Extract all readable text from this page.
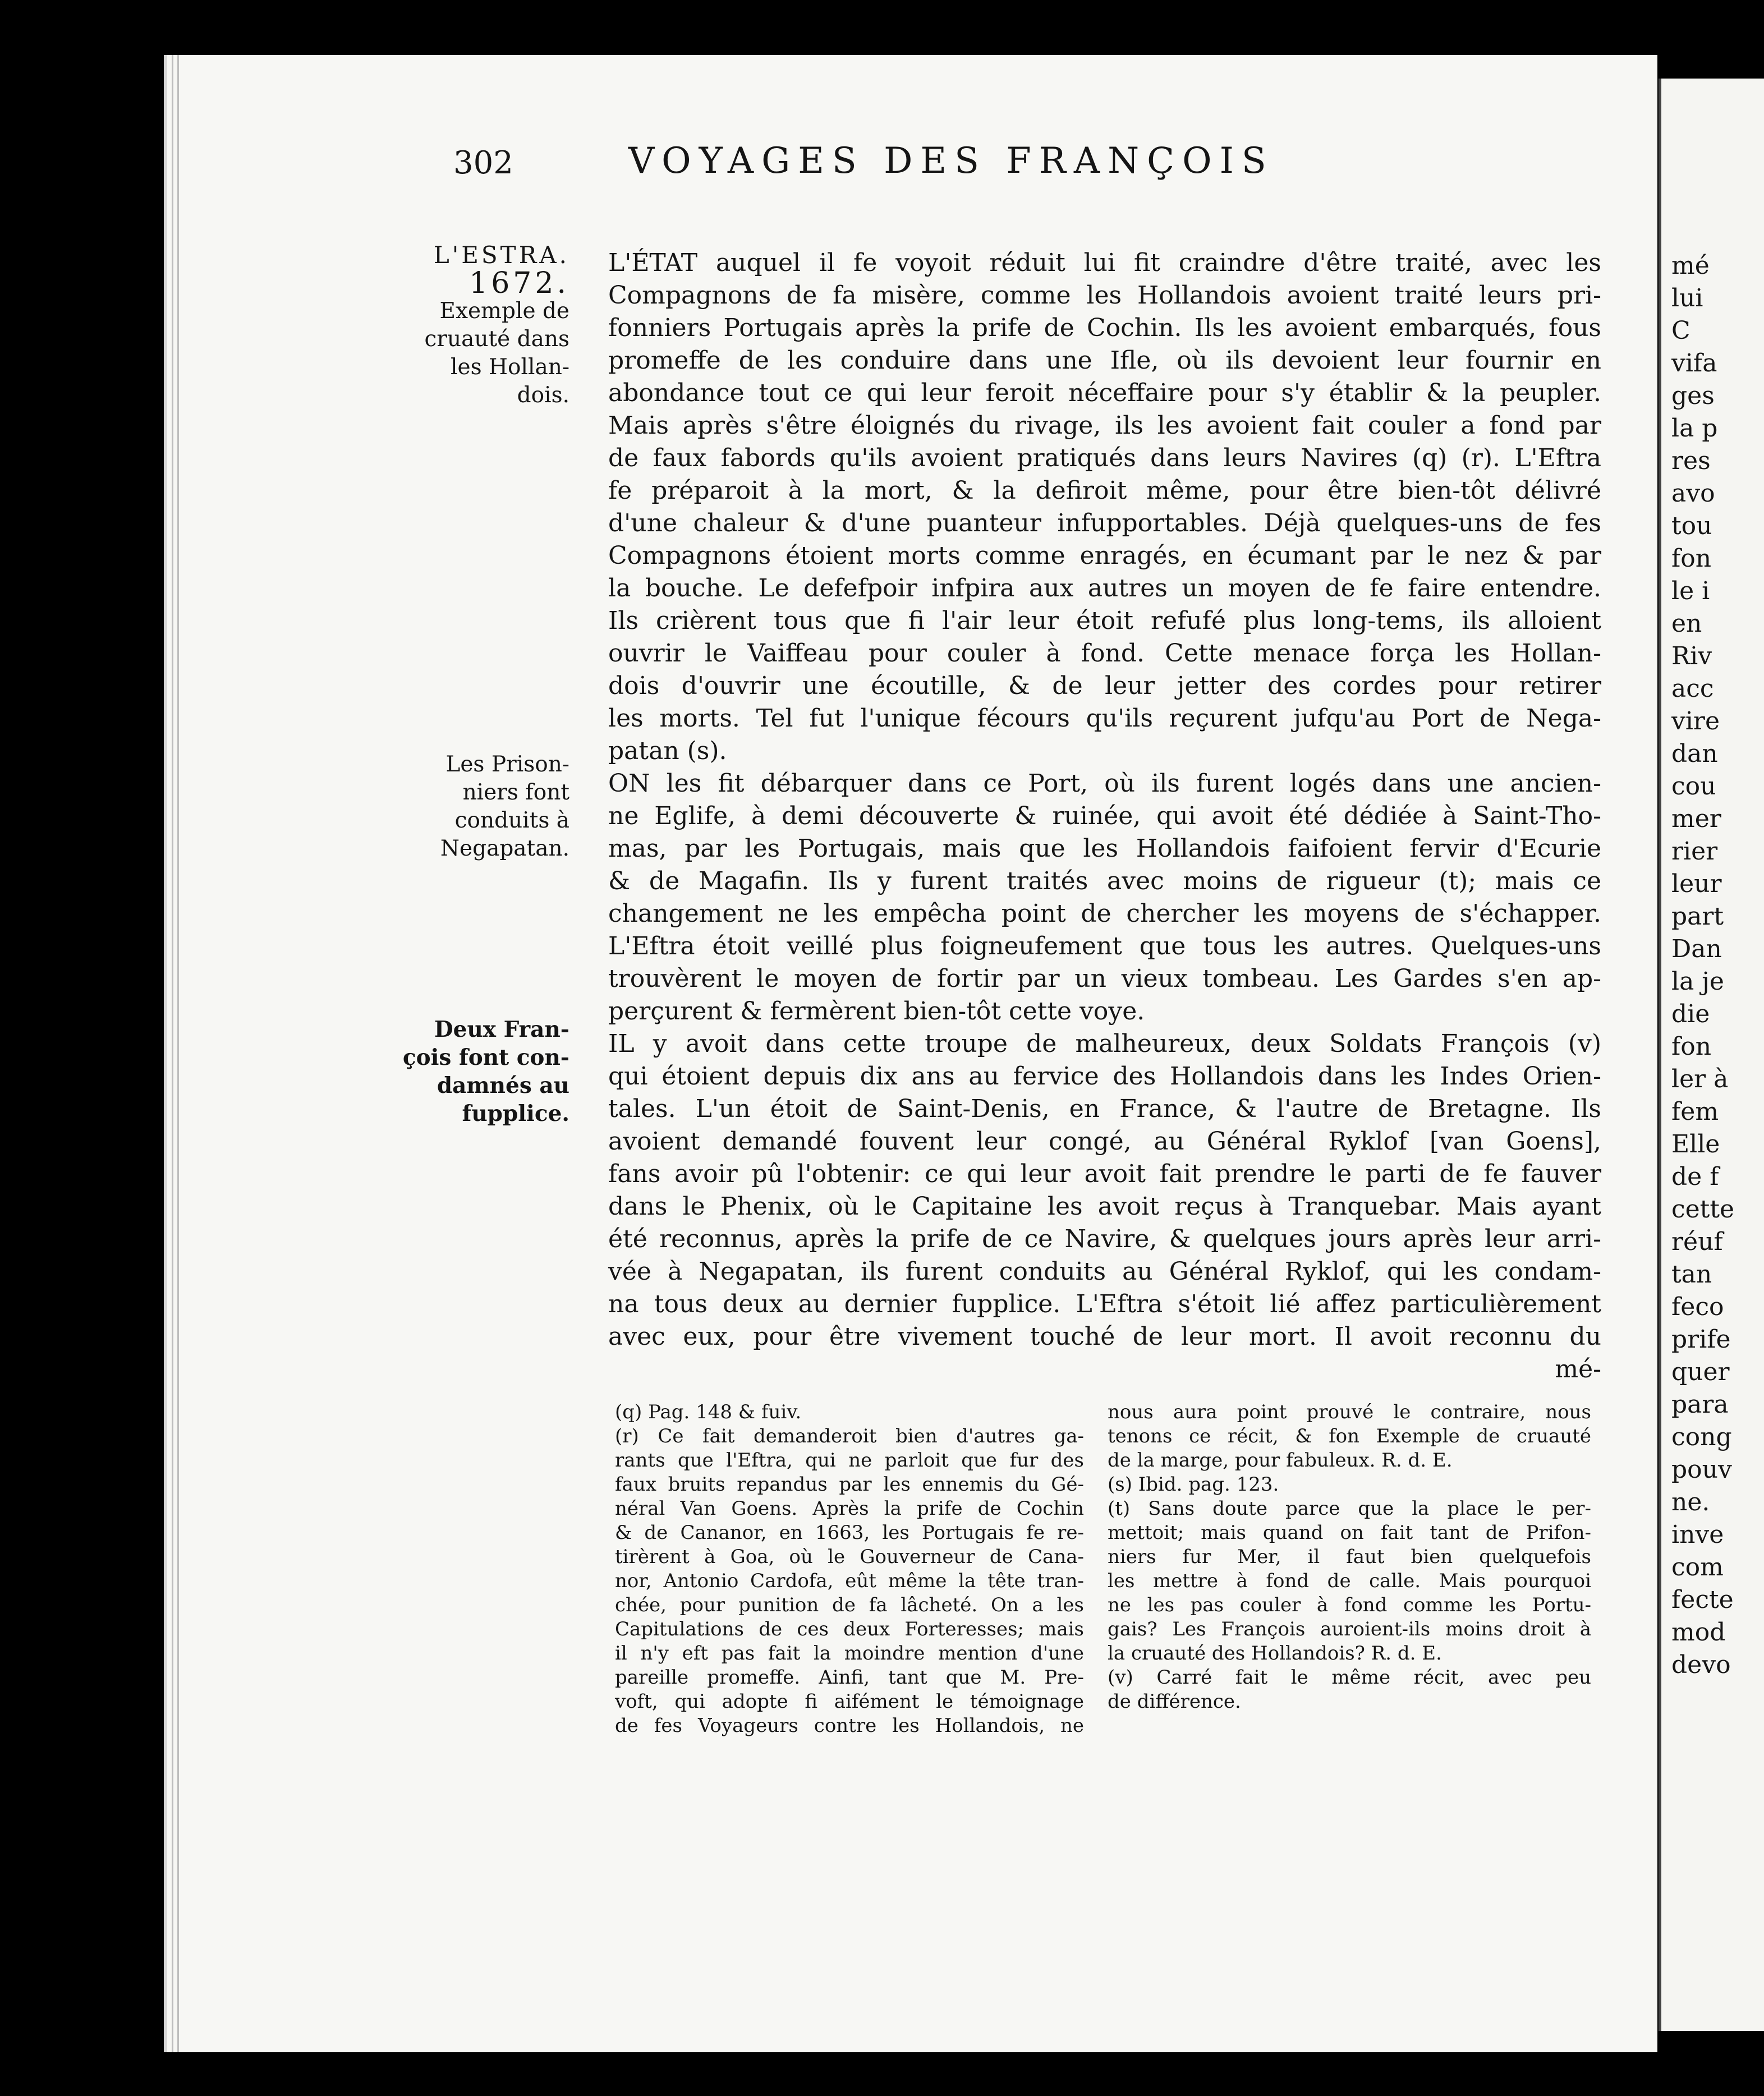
302	VOYAGES DES FRANÇOIS
L'ESTRA.
1672.
Exemple de
cruauté dans
les Hollan-
dois.
Les Prison-
niers font
conduits à
Negapatan.
Deux Fran-
çois font con-
damnés au
fupplice.
L'ÉTAT auquel il fe voyoit réduit lui fit craindre d'être traité, avec les
Compagnons de fa misère, comme les Hollandois avoient traité leurs pri-
fonniers Portugais après la prife de Cochin. Ils les avoient embarqués, fous
promeffe de les conduire dans une Ifle, où ils devoient leur fournir en
abondance tout ce qui leur feroit néceffaire pour s'y établir & la peupler.
Mais après s'être éloignés du rivage, ils les avoient fait couler a fond par
de faux fabords qu'ils avoient pratiqués dans leurs Navires (q) (r). L'Eftra
fe préparoit à la mort, & la defiroit même, pour être bien-tôt délivré
d'une chaleur & d'une puanteur infupportables. Déjà quelques-uns de fes
Compagnons étoient morts comme enragés, en écumant par le nez & par
la bouche. Le defefpoir infpira aux autres un moyen de fe faire entendre.
Ils crièrent tous que fi l'air leur étoit refufé plus long-tems, ils alloient
ouvrir le Vaiffeau pour couler à fond. Cette menace força les Hollan-
dois d'ouvrir une écoutille, & de leur jetter des cordes pour retirer
les morts. Tel fut l'unique fécours qu'ils reçurent jufqu'au Port de Nega-
patan (s).
ON les fit débarquer dans ce Port, où ils furent logés dans une ancien-
ne Eglife, à demi découverte & ruinée, qui avoit été dédiée à Saint-Tho-
mas, par les Portugais, mais que les Hollandois faifoient fervir d'Ecurie
& de Magafin. Ils y furent traités avec moins de rigueur (t); mais ce
changement ne les empêcha point de chercher les moyens de s'échapper.
L'Eftra étoit veillé plus foigneufement que tous les autres. Quelques-uns
trouvèrent le moyen de fortir par un vieux tombeau. Les Gardes s'en ap-
perçurent & fermèrent bien-tôt cette voye.
IL y avoit dans cette troupe de malheureux, deux Soldats François (v)
qui étoient depuis dix ans au fervice des Hollandois dans les Indes Orien-
tales. L'un étoit de Saint-Denis, en France, & l'autre de Bretagne. Ils
avoient demandé fouvent leur congé, au Général Ryklof [van Goens],
fans avoir pû l'obtenir: ce qui leur avoit fait prendre le parti de fe fauver
dans le Phenix, où le Capitaine les avoit reçus à Tranquebar. Mais ayant
été reconnus, après la prife de ce Navire, & quelques jours après leur arri-
vée à Negapatan, ils furent conduits au Général Ryklof, qui les condam-
na tous deux au dernier fupplice. L'Eftra s'étoit lié affez particulièrement
avec eux, pour être vivement touché de leur mort. Il avoit reconnu du
mé-
(q) Pag. 148 & fuiv.
(r) Ce fait demanderoit bien d'autres ga-
rants que l'Eftra, qui ne parloit que fur des
faux bruits repandus par les ennemis du Gé-
néral Van Goens. Après la prife de Cochin
& de Cananor, en 1663, les Portugais fe re-
tirèrent à Goa, où le Gouverneur de Cana-
nor, Antonio Cardofa, eût même la tête tran-
chée, pour punition de fa lâcheté. On a les
Capitulations de ces deux Forteresses; mais
il n'y eft pas fait la moindre mention d'une
pareille promeffe. Ainfi, tant que M. Pre-
voft, qui adopte fi aifément le témoignage
de fes Voyageurs contre les Hollandois, ne
nous aura point prouvé le contraire, nous
tenons ce récit, & fon Exemple de cruauté
de la marge, pour fabuleux. R. d. E.
(s) Ibid. pag. 123.
(t) Sans doute parce que la place le per-
mettoit; mais quand on fait tant de Prifon-
niers fur Mer, il faut bien quelquefois
les mettre à fond de calle. Mais pourquoi
ne les pas couler à fond comme les Portu-
gais? Les François auroient-ils moins droit à
la cruauté des Hollandois? R. d. E.
(v) Carré fait le même récit, avec peu
de différence.
mé
lui
C
vifa
ges
la p
res
avo
tou
fon
le i
en
Riv
acc
vire
dan
cou
mer
rier
leur
part
Dan
la je
die
fon
ler à
fem
Elle
de f
cette
réuf
tan
feco
prife
quer
para
cong
pouv
ne.
inve
com
fecte
mod
devo
